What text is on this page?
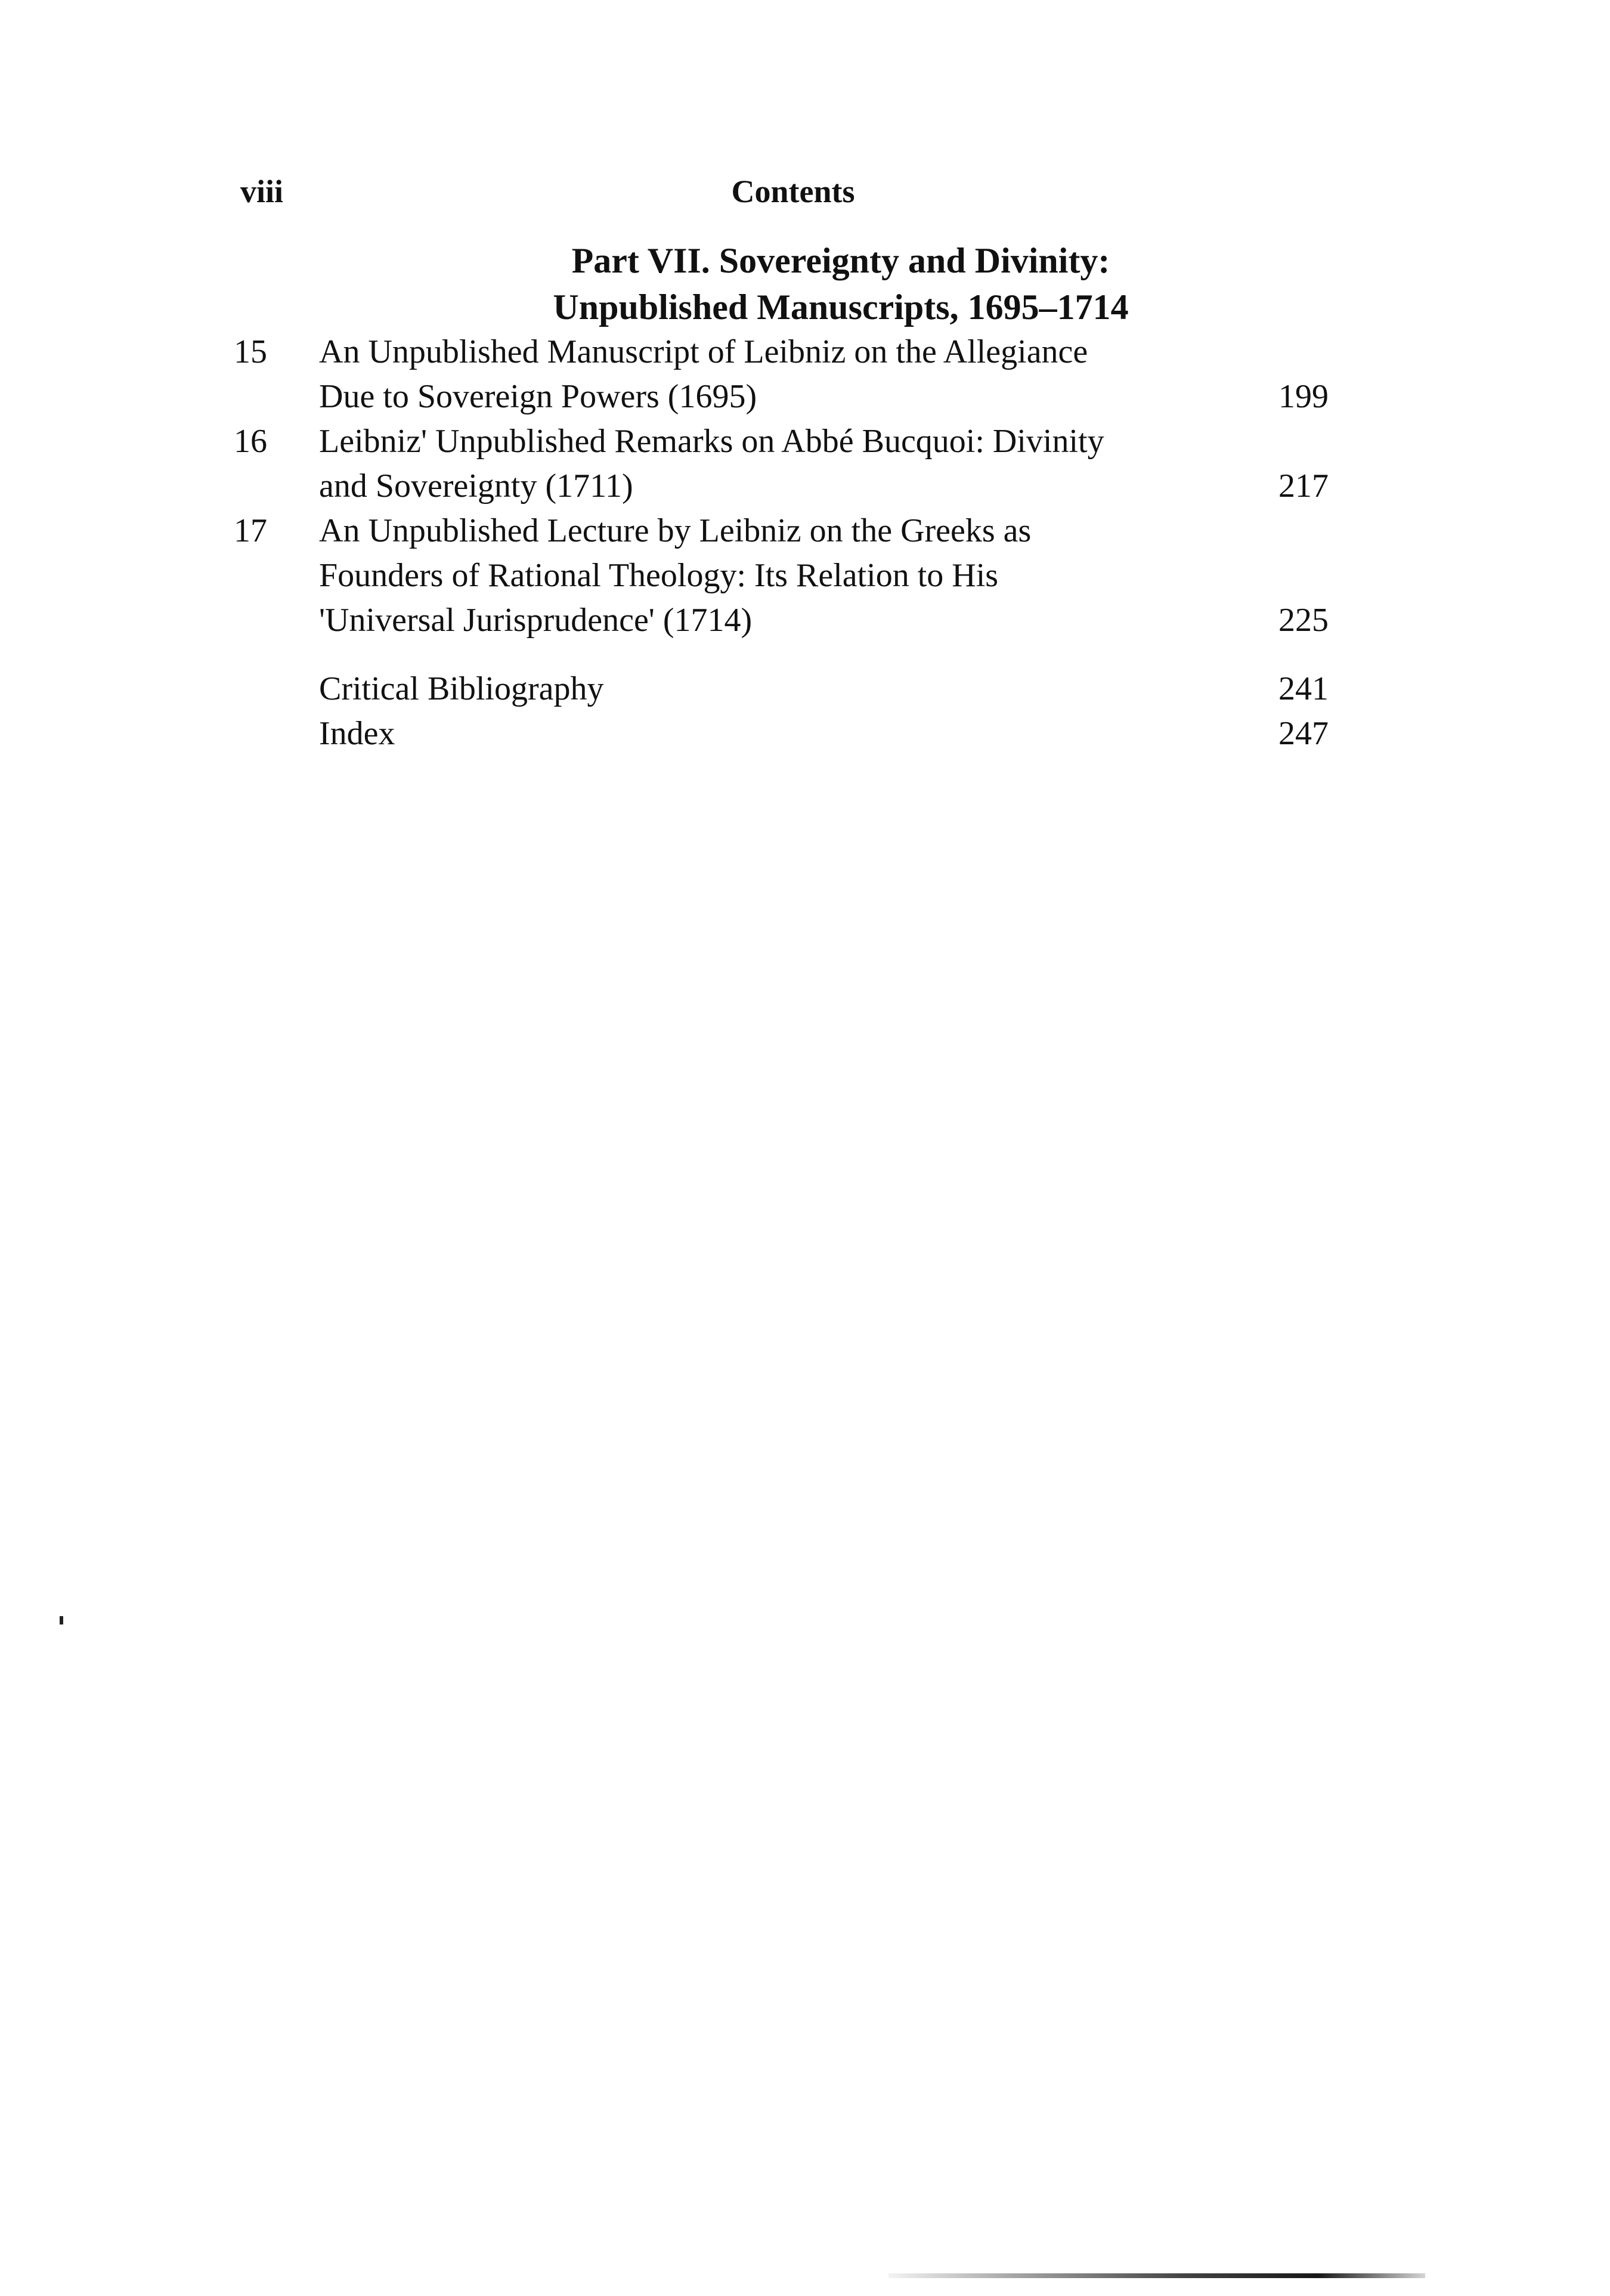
viii	Contents
Part VII. Sovereignty and Divinity:
Unpublished Manuscripts, 1695–1714
15	An Unpublished Manuscript of Leibniz on the Allegiance
Due to Sovereign Powers (1695)	199
16	Leibniz' Unpublished Remarks on Abbé Bucquoi: Divinity
and Sovereignty (1711)	217
17	An Unpublished Lecture by Leibniz on the Greeks as
Founders of Rational Theology: Its Relation to His
'Universal Jurisprudence' (1714)	225
Critical Bibliography	241
Index	247
